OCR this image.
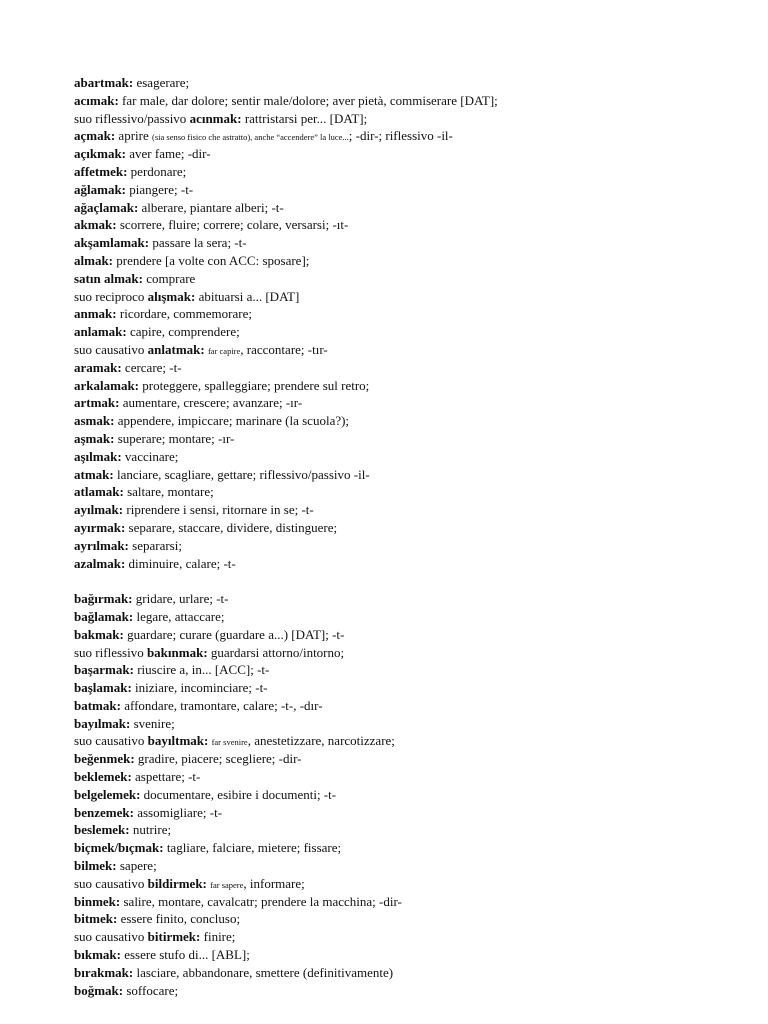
abartmak: esagerare;
acımak: far male, dar dolore; sentir male/dolore; aver pietà, commiserare [DAT];
suo riflessivo/passivo acınmak: rattristarsi per... [DAT];
açmak: aprire (sia senso fisico che astratto), anche “accendere” la luce...; -dir-; riflessivo -il-
açıkmak: aver fame; -dir-
affetmek: perdonare;
ağlamak: piangere; -t-
ağaçlamak: alberare, piantare alberi; -t-
akmak: scorrere, fluire; correre; colare, versarsi; -ıt-
akşamlamak: passare la sera; -t-
almak: prendere [a volte con ACC: sposare];
satın almak: comprare
suo reciproco alışmak: abituarsi a... [DAT]
anmak: ricordare, commemorare;
anlamak: capire, comprendere;
suo causativo anlatmak: far capire, raccontare; -tır-
aramak: cercare; -t-
arkalamak: proteggere, spalleggiare; prendere sul retro;
artmak: aumentare, crescere; avanzare; -ır-
asmak: appendere, impiccare; marinare (la scuola?);
aşmak: superare; montare; -ır-
aşılmak: vaccinare;
atmak: lanciare, scagliare, gettare; riflessivo/passivo -il-
atlamak: saltare, montare;
ayılmak: riprendere i sensi, ritornare in se; -t-
ayırmak: separare, staccare, dividere, distinguere;
ayrılmak: separarsi;
azalmak: diminuire, calare; -t-
bağırmak: gridare, urlare; -t-
bağlamak: legare, attaccare;
bakmak: guardare; curare (guardare a...) [DAT]; -t-
suo riflessivo bakınmak: guardarsi attorno/intorno;
başarmak: riuscire a, in... [ACC]; -t-
başlamak: iniziare, incominciare; -t-
batmak: affondare, tramontare, calare; -t-, -dır-
bayılmak: svenire;
suo causativo bayıltmak: far svenire, anestetizzare, narcotizzare;
beğenmek: gradire, piacere; scegliere; -dir-
beklemek: aspettare; -t-
belgelemek: documentare, esibire i documenti; -t-
benzemek: assomigliare; -t-
beslemek: nutrire;
biçmek/bıçmak: tagliare, falciare, mietere; fissare;
bilmek: sapere;
suo causativo bildirmek: far sapere, informare;
binmek: salire, montare, cavalcatr; prendere la macchina; -dir-
bitmek: essere finito, concluso;
suo causativo bitirmek: finire;
bıkmak: essere stufo di... [ABL];
bırakmak: lasciare, abbandonare, smettere (definitivamente)
boğmak: soffocare;
